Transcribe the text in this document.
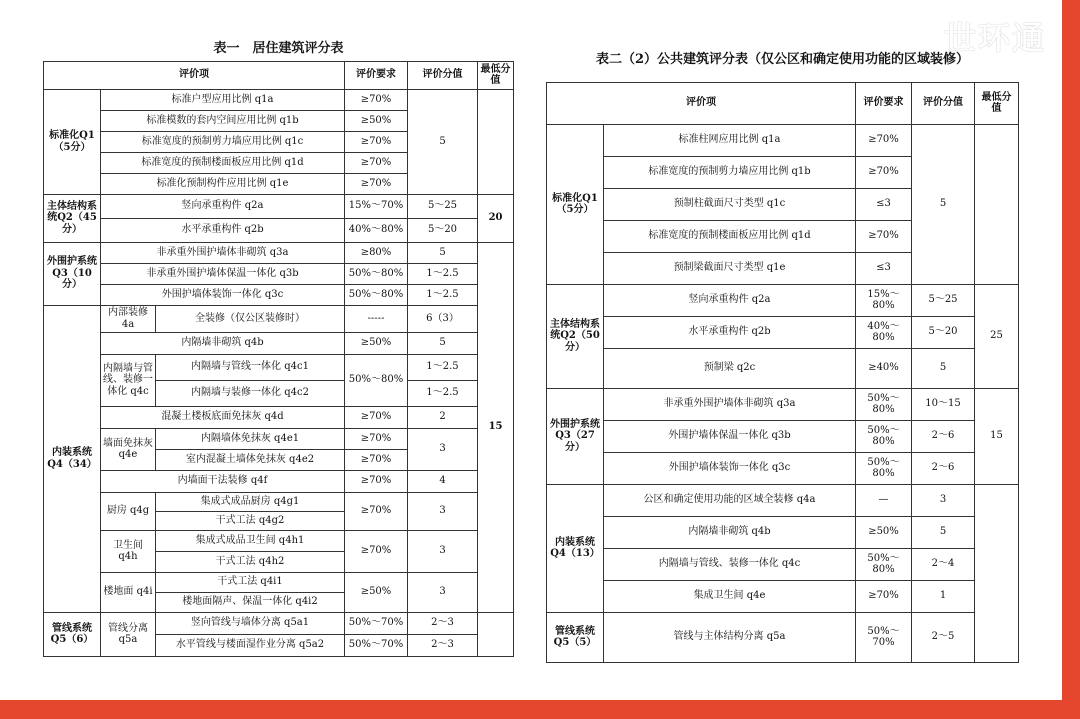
世环通
表一　居住建筑评分表					
评价项			评价要求	评价分值	最低分值
标准化Q1（5分）	标准户型应用比例 q1a		≥70%	5	
	标准模数的套内空间应用比例 q1b		≥50%		
	标准宽度的预制剪力墙应用比例 q1c		≥70%		
	标准宽度的预制楼面板应用比例 q1d		≥70%		
	标准化预制构件应用比例 q1e		≥70%		
主体结构系统Q2（45分）	竖向承重构件 q2a		15%～70%	5～25	20
	水平承重构件 q2b		40%～80%	5～20	
外围护系统Q3（10分）	非承重外围护墙体非砌筑 q3a		≥80%	5	15
	非承重外围护墙体保温一体化 q3b		50%～80%	1～2.5	
	外围护墙体装饰一体化 q3c		50%～80%	1～2.5	
内装系统Q4（34）	内部装修 4a	全装修（仅公区装修时）	-----	6（3）	
	内隔墙非砌筑 q4b		≥50%	5	
	内隔墙与管线、装修一体化 q4c	内隔墙与管线一体化 q4c1	50%～80%	1～2.5	
		内隔墙与装修一体化 q4c2		1～2.5	
	混凝土楼板底面免抹灰 q4d		≥70%	2	
	墙面免抹灰 q4e	内隔墙体免抹灰 q4e1	≥70%	3	
		室内混凝土墙体免抹灰 q4e2	≥70%		
	内墙面干法装修 q4f		≥70%	4	
	厨房 q4g	集成式成品厨房 q4g1	≥70%	3	
		干式工法 q4g2			
	卫生间 q4h	集成式成品卫生间 q4h1	≥70%	3	
		干式工法 q4h2			
	楼地面 q4i	干式工法 q4i1	≥50%	3	
		楼地面隔声、保温一体化 q4i2			
管线系统Q5（6）	管线分离 q5a	竖向管线与墙体分离 q5a1	50%～70%	2～3	
		水平管线与楼面湿作业分离 q5a2	50%～70%	2～3	
表二（2）公共建筑评分表（仅公区和确定使用功能的区域装修）				
评价项		评价要求	评价分值	最低分值
标准化Q1（5分）	标准柱网应用比例 q1a	≥70%	5	
	标准宽度的预制剪力墙应用比例 q1b	≥70%		
	预制柱截面尺寸类型 q1c	≤3		
	标准宽度的预制楼面板应用比例 q1d	≥70%		
	预制梁截面尺寸类型 q1e	≤3		
主体结构系统Q2（50分）	竖向承重构件 q2a	15%～80%	5～25	25
	水平承重构件 q2b	40%～80%	5～20	
	预制梁 q2c	≥40%	5	
外围护系统Q3（27分）	非承重外围护墙体非砌筑 q3a	50%～80%	10～15	15
	外围护墙体保温一体化 q3b	50%～80%	2～6	
	外围护墙体装饰一体化 q3c	50%～80%	2～6	
内装系统Q4（13）	公区和确定使用功能的区域全装修 q4a	—	3	
	内隔墙非砌筑 q4b	≥50%	5	
	内隔墙与管线、装修一体化 q4c	50%～80%	2～4	
	集成卫生间 q4e	≥70%	1	
管线系统Q5（5）	管线与主体结构分离 q5a	50%～70%	2～5	
